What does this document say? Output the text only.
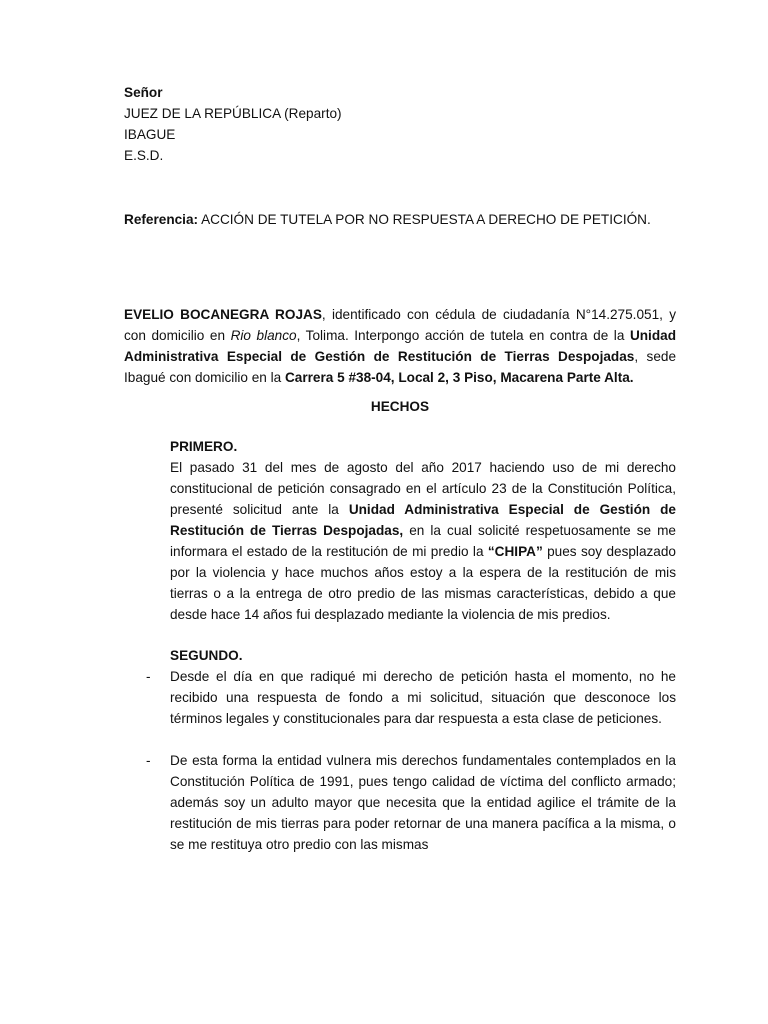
Señor

JUEZ DE LA REPÚBLICA (Reparto)

IBAGUE

E.S.D.

Referencia: ACCIÓN DE TUTELA POR NO RESPUESTA A DERECHO DE PETICIÓN.

EVELIO BOCANEGRA ROJAS, identificado con cédula de ciudadanía N°14.275.051, y con domicilio en Rio blanco, Tolima. Interpongo acción de tutela en contra de la Unidad Administrativa Especial de Gestión de Restitución de Tierras Despojadas, sede Ibagué con domicilio en la Carrera 5 #38-04, Local 2, 3 Piso, Macarena Parte Alta.

HECHOS

PRIMERO.

El pasado 31 del mes de agosto del año 2017 haciendo uso de mi derecho constitucional de petición consagrado en el artículo 23 de la Constitución Política, presenté solicitud ante la Unidad Administrativa Especial de Gestión de Restitución de Tierras Despojadas, en la cual solicité respetuosamente se me informara el estado de la restitución de mi predio la “CHIPA” pues soy desplazado por la violencia y hace muchos años estoy a la espera de la restitución de mis tierras o a la entrega de otro predio de las mismas características, debido a que desde hace 14 años fui desplazado mediante la violencia de mis predios.

SEGUNDO.

- Desde el día en que radiqué mi derecho de petición hasta el momento, no he recibido una respuesta de fondo a mi solicitud, situación que desconoce los términos legales y constitucionales para dar respuesta a esta clase de peticiones.

- De esta forma la entidad vulnera mis derechos fundamentales contemplados en la Constitución Política de 1991, pues tengo calidad de víctima del conflicto armado; además soy un adulto mayor que necesita que la entidad agilice el trámite de la restitución de mis tierras para poder retornar de una manera pacífica a la misma, o se me restituya otro predio con las mismas
